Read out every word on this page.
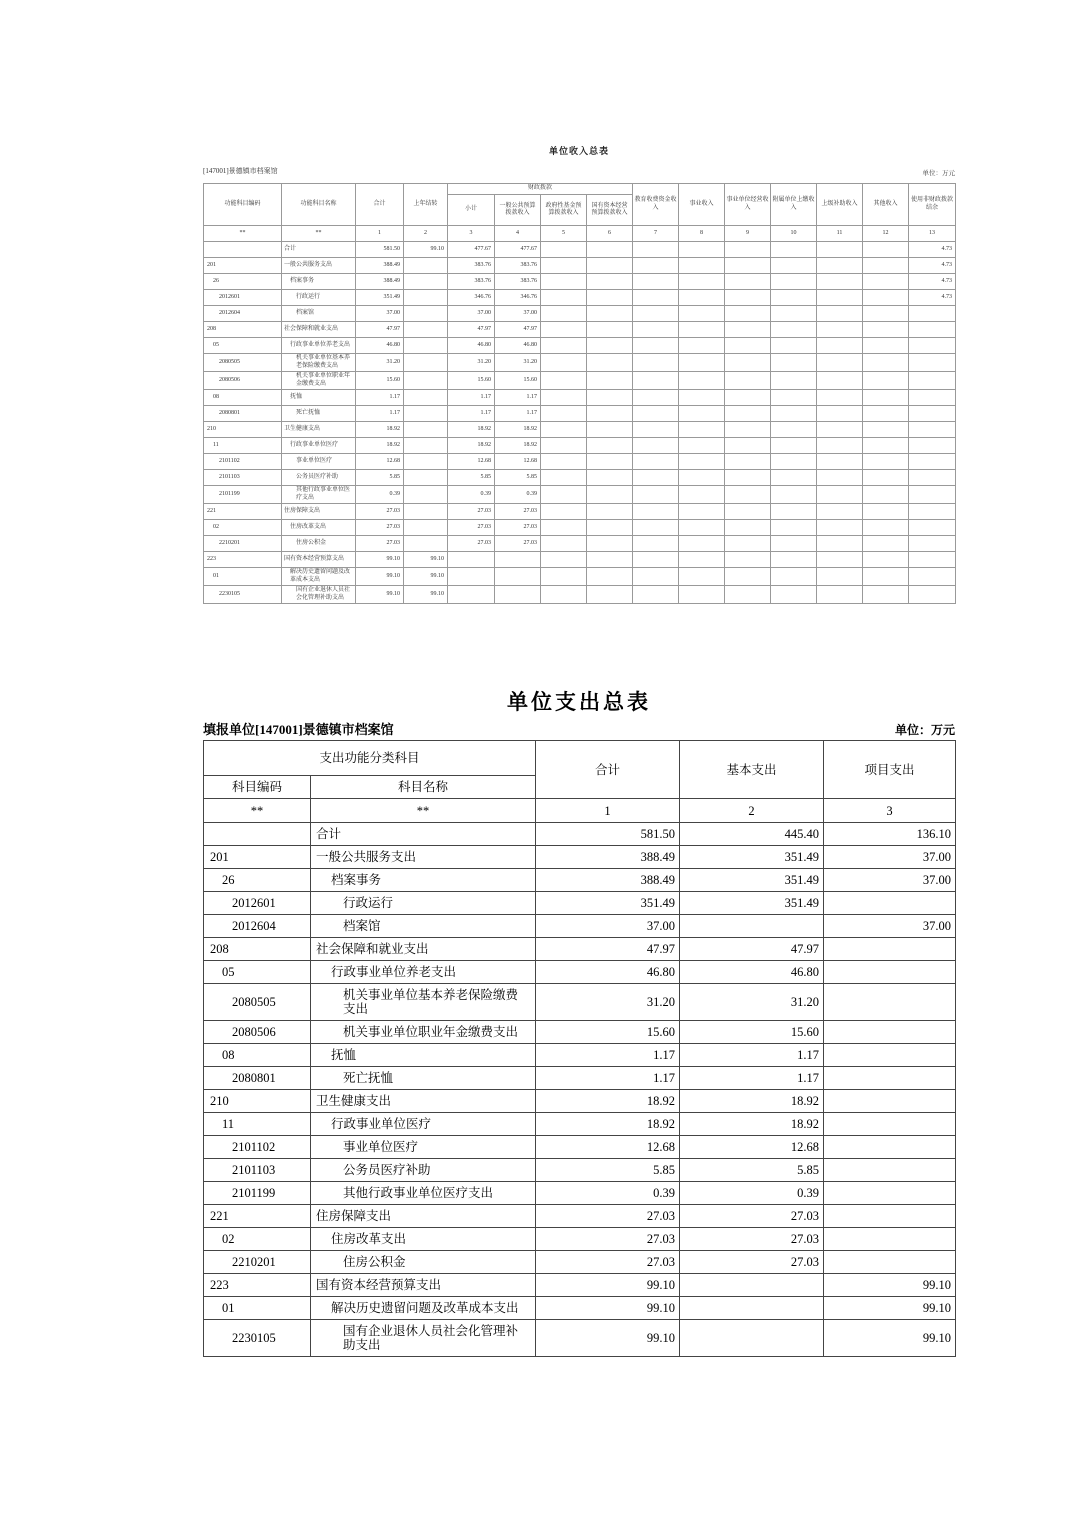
单位收入总表
[147001]景德镇市档案馆	单位：万元
功能科目编码	功能科目名称	合计	上年结转	财政拨款				教育收费资金收入	事业收入	事业单位经营收入	附属单位上缴收入	上级补助收入	其他收入	使用非财政拨款结余
				小计	一般公共预算拨款收入	政府性基金预算拨款收入	国有资本经营预算拨款收入							
**	**	1	2	3	4	5	6	7	8	9	10	11	12	13
	合计	581.50	99.10	477.67	477.67									4.73
201	一般公共服务支出	388.49		383.76	383.76									4.73
26	档案事务	388.49		383.76	383.76									4.73
2012601	行政运行	351.49		346.76	346.76									4.73
2012604	档案馆	37.00		37.00	37.00									
208	社会保障和就业支出	47.97		47.97	47.97									
05	行政事业单位养老支出	46.80		46.80	46.80									
2080505	机关事业单位基本养老保险缴费支出	31.20		31.20	31.20									
2080506	机关事业单位职业年金缴费支出	15.60		15.60	15.60									
08	抚恤	1.17		1.17	1.17									
2080801	死亡抚恤	1.17		1.17	1.17									
210	卫生健康支出	18.92		18.92	18.92									
11	行政事业单位医疗	18.92		18.92	18.92									
2101102	事业单位医疗	12.68		12.68	12.68									
2101103	公务员医疗补助	5.85		5.85	5.85									
2101199	其他行政事业单位医疗支出	0.39		0.39	0.39									
221	住房保障支出	27.03		27.03	27.03									
02	住房改革支出	27.03		27.03	27.03									
2210201	住房公积金	27.03		27.03	27.03									
223	国有资本经营预算支出	99.10	99.10											
01	解决历史遗留问题及改革成本支出	99.10	99.10											
2230105	国有企业退休人员社会化管理补助支出	99.10	99.10											
单位支出总表
填报单位[147001]景德镇市档案馆	单位：万元
支出功能分类科目		合计	基本支出	项目支出
科目编码	科目名称			
**	**	1	2	3
	合计	581.50	445.40	136.10
201	一般公共服务支出	388.49	351.49	37.00
26	档案事务	388.49	351.49	37.00
2012601	行政运行	351.49	351.49	
2012604	档案馆	37.00		37.00
208	社会保障和就业支出	47.97	47.97	
05	行政事业单位养老支出	46.80	46.80	
2080505	机关事业单位基本养老保险缴费支出	31.20	31.20	
2080506	机关事业单位职业年金缴费支出	15.60	15.60	
08	抚恤	1.17	1.17	
2080801	死亡抚恤	1.17	1.17	
210	卫生健康支出	18.92	18.92	
11	行政事业单位医疗	18.92	18.92	
2101102	事业单位医疗	12.68	12.68	
2101103	公务员医疗补助	5.85	5.85	
2101199	其他行政事业单位医疗支出	0.39	0.39	
221	住房保障支出	27.03	27.03	
02	住房改革支出	27.03	27.03	
2210201	住房公积金	27.03	27.03	
223	国有资本经营预算支出	99.10		99.10
01	解决历史遗留问题及改革成本支出	99.10		99.10
2230105	国有企业退休人员社会化管理补助支出	99.10		99.10
